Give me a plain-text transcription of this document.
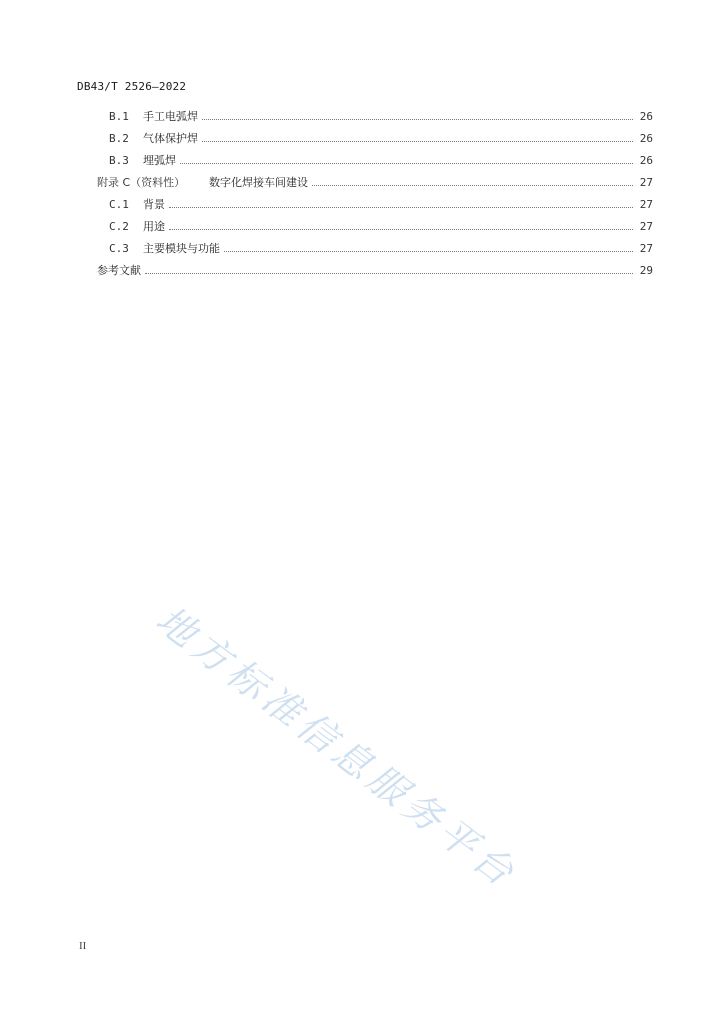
DB43/T 2526—2022
B.1	手工电弧焊	26
B.2	气体保护焊	26
B.3	埋弧焊	26
附录 C（资料性）	数字化焊接车间建设	27
C.1	背景	27
C.2	用途	27
C.3	主要模块与功能	27
参考文献	29
地方标准信息服务平台
II
